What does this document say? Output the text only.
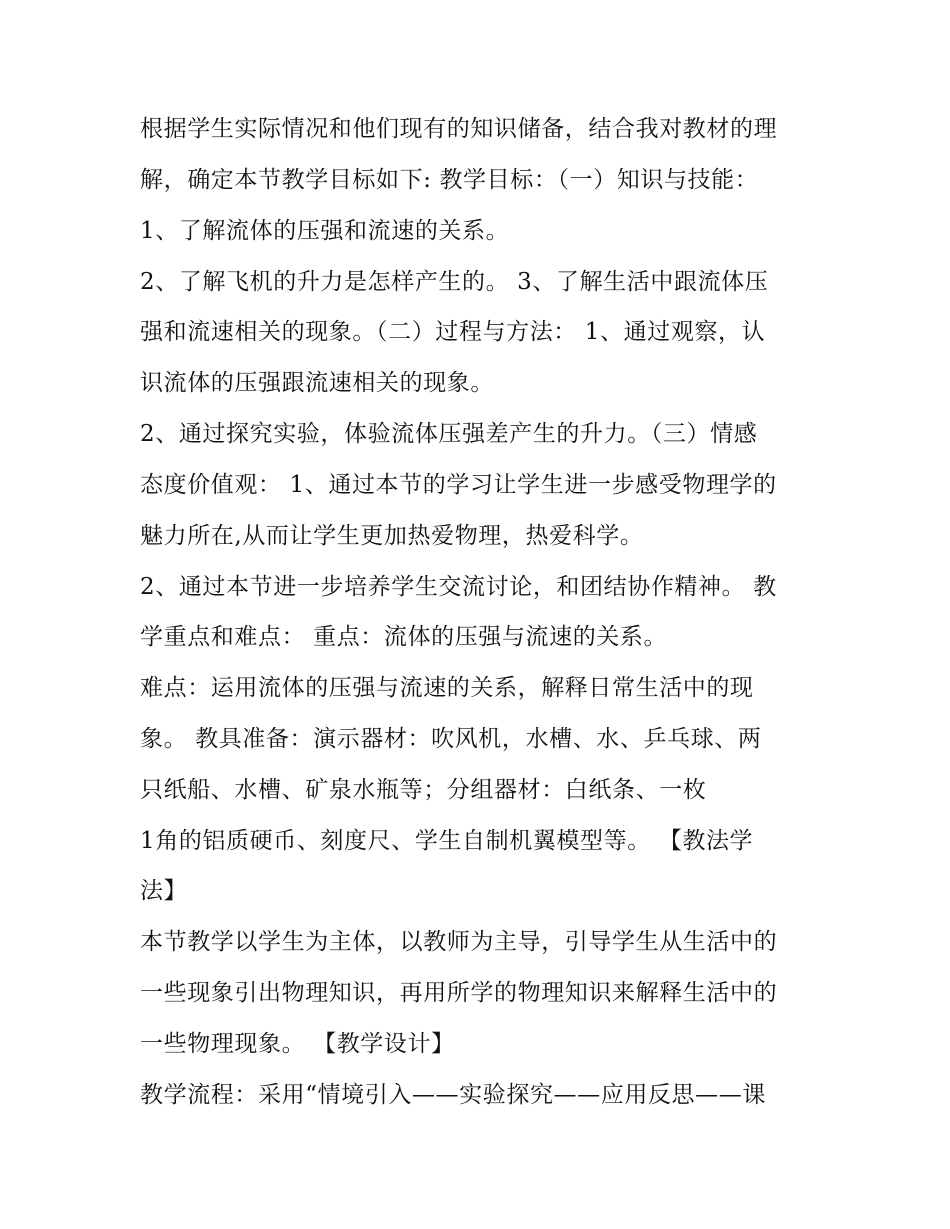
根据学生实际情况和他们现有的知识储备，结合我对教材的理
解，确定本节教学目标如下: 教学目标：（一）知识与技能：
1、了解流体的压强和流速的关系。
2、了解飞机的升力是怎样产生的。 3、了解生活中跟流体压
强和流速相关的现象。（二）过程与方法： 1、通过观察，认
识流体的压强跟流速相关的现象。
2、通过探究实验，体验流体压强差产生的升力。（三）情感
态度价值观： 1、通过本节的学习让学生进一步感受物理学的
魅力所在,从而让学生更加热爱物理，热爱科学。
2、通过本节进一步培养学生交流讨论，和团结协作精神。 教
学重点和难点： 重点：流体的压强与流速的关系。
难点：运用流体的压强与流速的关系，解释日常生活中的现
象。 教具准备：演示器材：吹风机，水槽、水、乒乓球、两
只纸船、水槽、矿泉水瓶等；分组器材：白纸条、一枚
1角的铝质硬币、刻度尺、学生自制机翼模型等。 【教法学
法】
本节教学以学生为主体，以教师为主导，引导学生从生活中的
一些现象引出物理知识，再用所学的物理知识来解释生活中的
一些物理现象。 【教学设计】
教学流程：采用“情境引入——实验探究——应用反思——课
